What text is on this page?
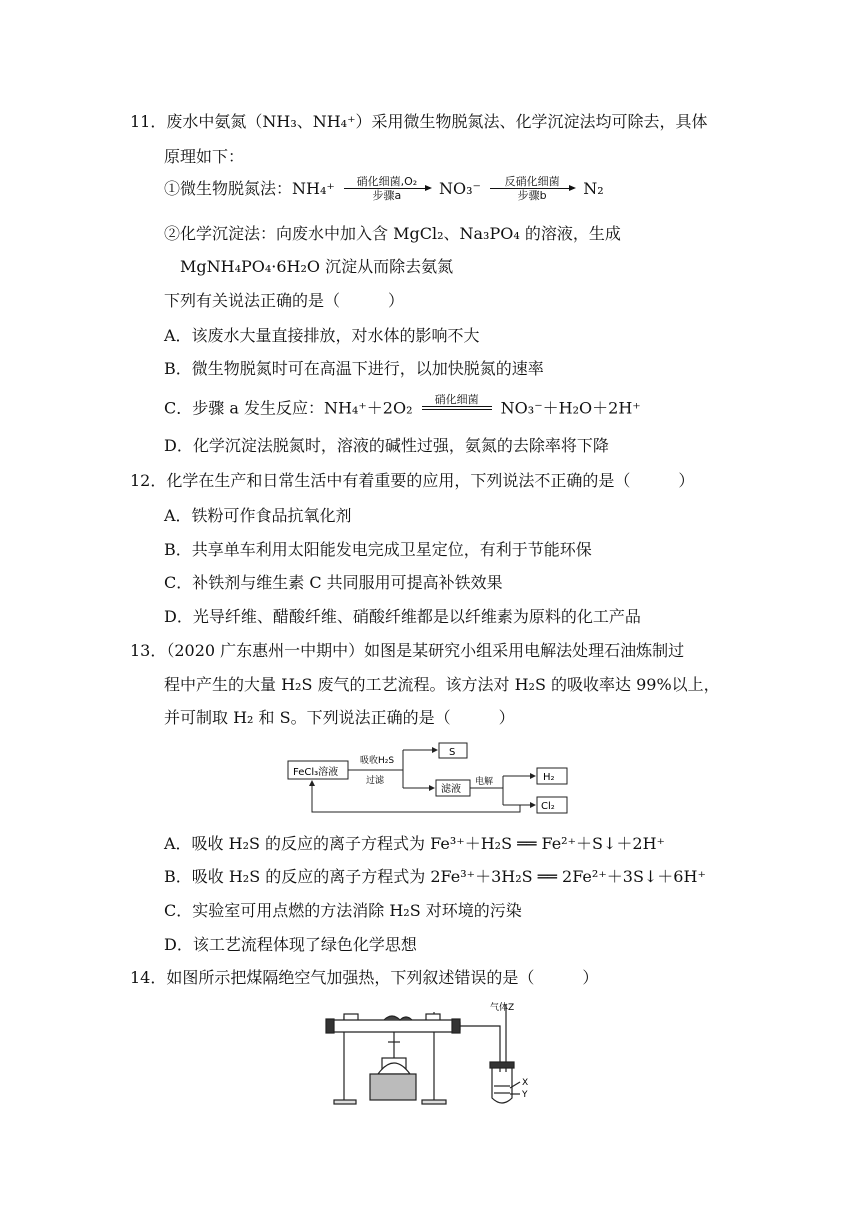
11．废水中氨氮（NH₃、NH₄⁺）采用微生物脱氮法、化学沉淀法均可除去，具体
原理如下：
①微生物脱氮法：NH₄⁺	硝化细菌,O₂
步骤a	NO₃⁻	反硝化细菌
步骤b	N₂
②化学沉淀法：向废水中加入含 MgCl₂、Na₃PO₄ 的溶液，生成
MgNH₄PO₄·6H₂O 沉淀从而除去氨氮
下列有关说法正确的是（　　　）
A．该废水大量直接排放，对水体的影响不大
B．微生物脱氮时可在高温下进行，以加快脱氮的速率
C．步骤 a 发生反应：NH₄⁺＋2O₂	硝化细菌
	NO₃⁻＋H₂O＋2H⁺
D．化学沉淀法脱氮时，溶液的碱性过强，氨氮的去除率将下降
12．化学在生产和日常生活中有着重要的应用，下列说法不正确的是（　　　）
A．铁粉可作食品抗氧化剂
B．共享单车利用太阳能发电完成卫星定位，有利于节能环保
C．补铁剂与维生素 C 共同服用可提高补铁效果
D．光导纤维、醋酸纤维、硝酸纤维都是以纤维素为原料的化工产品
13．（2020 广东惠州一中期中）如图是某研究小组采用电解法处理石油炼制过
程中产生的大量 H₂S 废气的工艺流程。该方法对 H₂S 的吸收率达 99%以上，
并可制取 H₂ 和 S。下列说法正确的是（　　　）
FeCl₃溶液
吸收H₂S
过滤
S
滤液
电解	H₂
Cl₂
A．吸收 H₂S 的反应的离子方程式为 Fe³⁺＋H₂S ══ Fe²⁺＋S↓＋2H⁺
B．吸收 H₂S 的反应的离子方程式为 2Fe³⁺＋3H₂S ══ 2Fe²⁺＋3S↓＋6H⁺
C．实验室可用点燃的方法消除 H₂S 对环境的污染
D．该工艺流程体现了绿色化学思想
14．如图所示把煤隔绝空气加强热，下列叙述错误的是（　　　）
气体Z
X
Y
